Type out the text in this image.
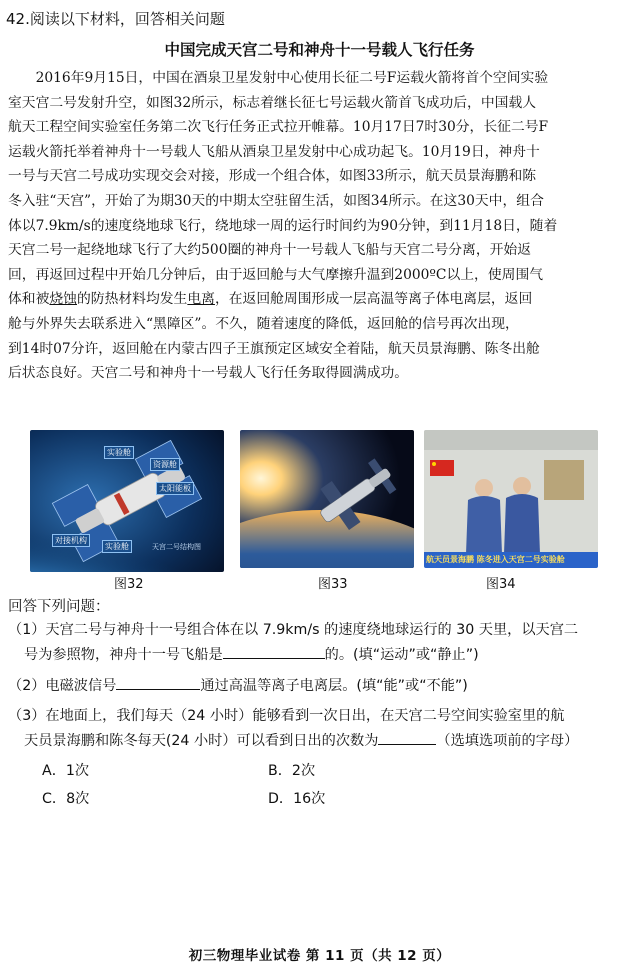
42.阅读以下材料，回答相关问题
中国完成天宫二号和神舟十一号载人飞行任务
　　2016年9月15日，中国在酒泉卫星发射中心使用长征二号F运载火箭将首个空间实验
室天宫二号发射升空，如图32所示，标志着继长征七号运载火箭首飞成功后，中国载人
航天工程空间实验室任务第二次飞行任务正式拉开帷幕。10月17日7时30分，长征二号F
运载火箭托举着神舟十一号载人飞船从酒泉卫星发射中心成功起飞。10月19日，神舟十
一号与天宫二号成功实现交会对接，形成一个组合体，如图33所示，航天员景海鹏和陈
冬入驻“天宫”，开始了为期30天的中期太空驻留生活，如图34所示。在这30天中，组合
体以7.9km/s的速度绕地球飞行，绕地球一周的运行时间约为90分钟，到11月18日，随着
天宫二号一起绕地球飞行了大约500圈的神舟十一号载人飞船与天宫二号分离，开始返
回，再返回过程中开始几分钟后，由于返回舱与大气摩擦升温到2000ºC以上，使周围气
体和被烧蚀的防热材料均发生电离，在返回舱周围形成一层高温等离子体电离层，返回
舱与外界失去联系进入“黑障区”。不久，随着速度的降低，返回舱的信号再次出现，
到14时07分许，返回舱在内蒙古四子王旗预定区域安全着陆，航天员景海鹏、陈冬出舱
后状态良好。天宫二号和神舟十一号载人飞行任务取得圆满成功。
实验舱
资源舱
太阳能板
对接机构
实验舱	天宫二号结构图
图32	图33
航天员景海鹏 陈冬进入天宫二号实验舱
图34
回答下列问题：
（1）天宫二号与神舟十一号组合体在以 7.9km/s 的速度绕地球运行的 30 天里，以天宫二
号为参照物，神舟十一号飞船是	的。(填“运动”或“静止”)
（2）电磁波信号	通过高温等离子电离层。(填“能”或“不能”)
（3）在地面上，我们每天（24 小时）能够看到一次日出，在天宫二号空间实验室里的航
天员景海鹏和陈冬每天(24 小时）可以看到日出的次数为	（选填选项前的字母）
A．1次	B．2次
C．8次	D．16次
初三物理毕业试卷 第 11 页（共 12 页）
